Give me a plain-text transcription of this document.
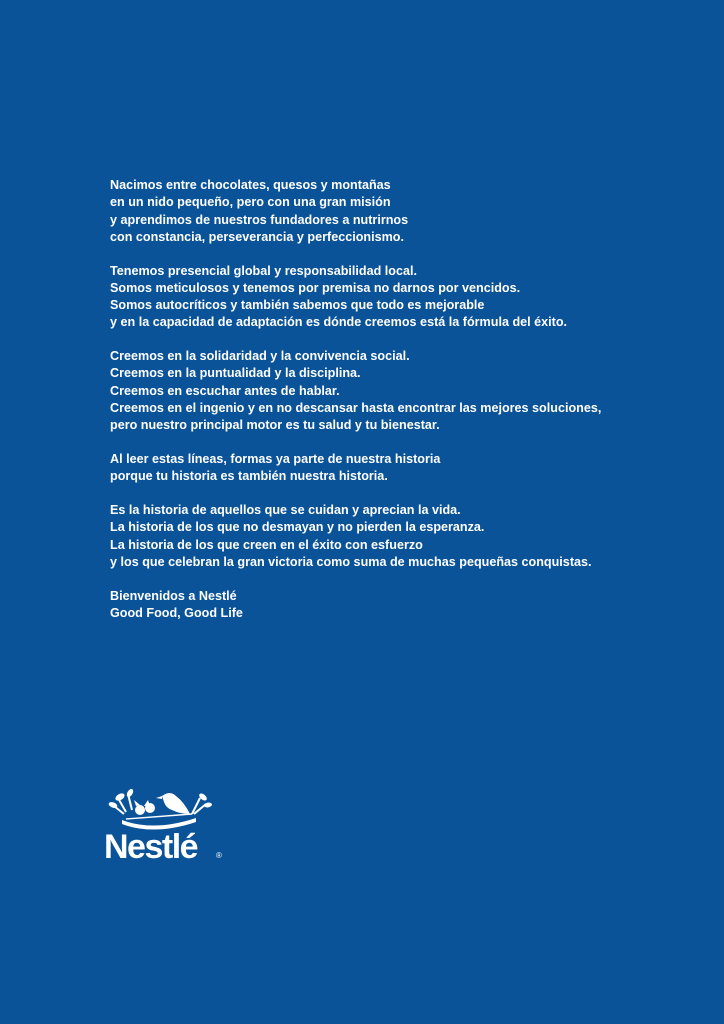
Nacimos entre chocolates, quesos y montañas
en un nido pequeño, pero con una gran misión
y aprendimos de nuestros fundadores a nutrirnos
con constancia, perseverancia y perfeccionismo.

Tenemos presencial global y responsabilidad local.
Somos meticulosos y tenemos por premisa no darnos por vencidos.
Somos autocríticos y también sabemos que todo es mejorable
y en la capacidad de adaptación es dónde creemos está la fórmula del éxito.

Creemos en la solidaridad y la convivencia social.
Creemos en la puntualidad y la disciplina.
Creemos en escuchar antes de hablar.
Creemos en el ingenio y en no descansar hasta encontrar las mejores soluciones,
pero nuestro principal motor es tu salud y tu bienestar.

Al leer estas líneas, formas ya parte de nuestra historia
porque tu historia es también nuestra historia.

Es la historia de aquellos que se cuidan y aprecian la vida.
La historia de los que no desmayan y no pierden la esperanza.
La historia de los que creen en el éxito con esfuerzo
y los que celebran la gran victoria como suma de muchas pequeñas conquistas.

Bienvenidos a Nestlé
Good Food, Good Life

Nestlé ®
